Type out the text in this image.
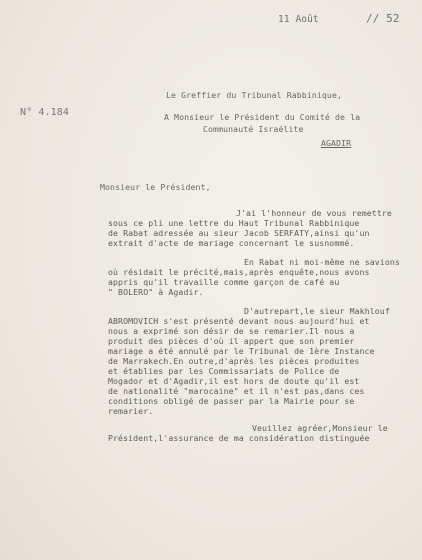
11 Août	// 52
N° 4.184
Le Greffier du Tribunal Rabbinique,
A Monsieur le Président du Comité de la
Communauté Israélite
AGADIR
Monsieur le Président,
J'ai l'honneur de vous remettre
sous ce pli une lettre du Haut Tribunal Rabbinique
de Rabat adressée au sieur Jacob SERFATY,ainsi qu'un
extrait d'acte de mariage concernant le susnommé.
En Rabat ni moi-même ne savions
où résidait le précité,mais,après enquête,nous avons
appris qu'il travaille comme garçon de café au
" BOLERO" à Agadir.
D'autrepart,le sieur Makhlouf
ABROMOVICH s'est présenté devant nous aujourd'hui et
nous a exprimé son désir de se remarier.Il nous a
produit des pièces d'où il appert que son premier
mariage a été annulé par le Tribunal de 1ère Instance
de Marrakech.En outre,d'après les pièces produites
et établies par les Commissariats de Police de
Mogador et d'Agadir,il est hors de doute qu'il est
de nationalité "marocaine" et il n'est pas,dans ces
conditions obligé de passer par la Mairie pour se
remarier.
Veuillez agréer,Monsieur le
Président,l'assurance de ma considération distinguée
